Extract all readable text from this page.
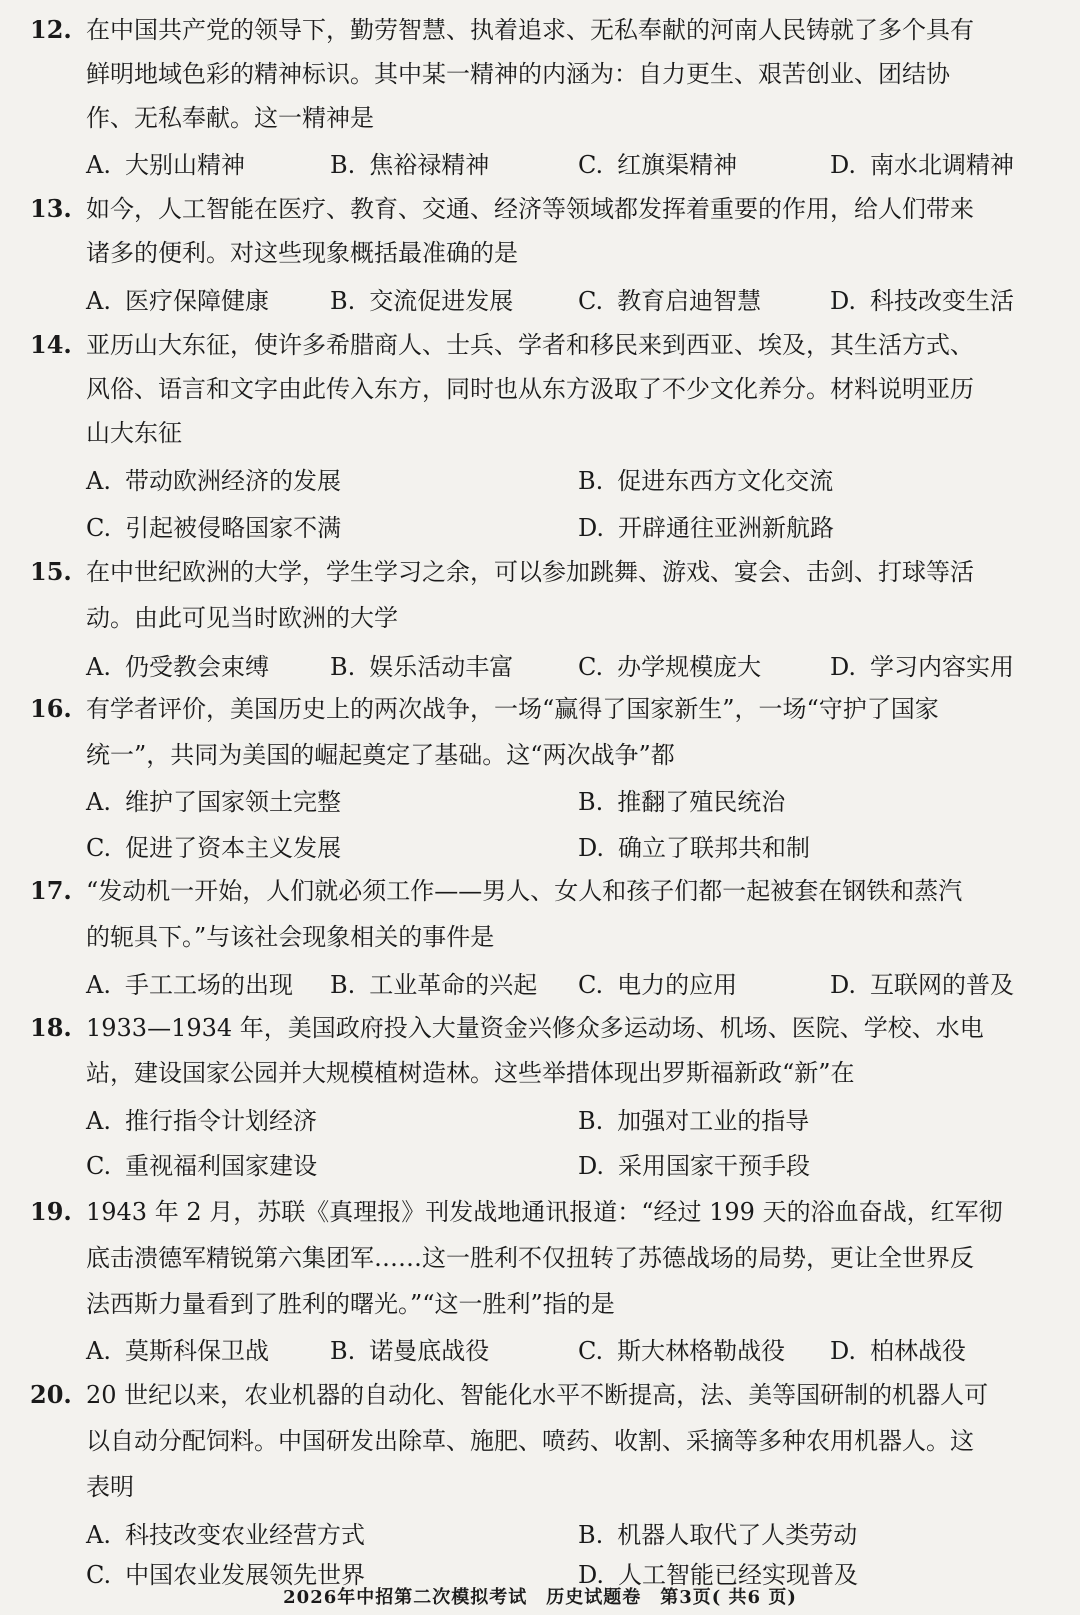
12. 在中国共产党的领导下，勤劳智慧、执着追求、无私奉献的河南人民铸就了多个具有
鲜明地域色彩的精神标识。其中某一精神的内涵为：自力更生、艰苦创业、团结协
作、无私奉献。这一精神是
A. 大别山精神	B. 焦裕禄精神	C. 红旗渠精神	D. 南水北调精神
13. 如今，人工智能在医疗、教育、交通、经济等领域都发挥着重要的作用，给人们带来
诸多的便利。对这些现象概括最准确的是
A. 医疗保障健康	B. 交流促进发展	C. 教育启迪智慧	D. 科技改变生活
14. 亚历山大东征，使许多希腊商人、士兵、学者和移民来到西亚、埃及，其生活方式、
风俗、语言和文字由此传入东方，同时也从东方汲取了不少文化养分。材料说明亚历
山大东征
A. 带动欧洲经济的发展	B. 促进东西方文化交流
C. 引起被侵略国家不满	D. 开辟通往亚洲新航路
15. 在中世纪欧洲的大学，学生学习之余，可以参加跳舞、游戏、宴会、击剑、打球等活
动。由此可见当时欧洲的大学
A. 仍受教会束缚	B. 娱乐活动丰富	C. 办学规模庞大	D. 学习内容实用
16. 有学者评价，美国历史上的两次战争，一场“赢得了国家新生”，一场“守护了国家
统一”，共同为美国的崛起奠定了基础。这“两次战争”都
A. 维护了国家领土完整	B. 推翻了殖民统治
C. 促进了资本主义发展	D. 确立了联邦共和制
17. “发动机一开始，人们就必须工作——男人、女人和孩子们都一起被套在钢铁和蒸汽
的轭具下。”与该社会现象相关的事件是
A. 手工工场的出现 B. 工业革命的兴起 C. 电力的应用	D. 互联网的普及
18. 1933—1934 年，美国政府投入大量资金兴修众多运动场、机场、医院、学校、水电
站，建设国家公园并大规模植树造林。这些举措体现出罗斯福新政“新”在
A. 推行指令计划经济	B. 加强对工业的指导
C. 重视福利国家建设	D. 采用国家干预手段
19. 1943 年 2 月，苏联《真理报》刊发战地通讯报道：“经过 199 天的浴血奋战，红军彻
底击溃德军精锐第六集团军……这一胜利不仅扭转了苏德战场的局势，更让全世界反
法西斯力量看到了胜利的曙光。”“这一胜利”指的是
A. 莫斯科保卫战	B. 诺曼底战役	C. 斯大林格勒战役 D. 柏林战役
20. 20 世纪以来，农业机器的自动化、智能化水平不断提高，法、美等国研制的机器人可
以自动分配饲料。中国研发出除草、施肥、喷药、收割、采摘等多种农用机器人。这
表明
A. 科技改变农业经营方式	B. 机器人取代了人类劳动
C. 中国农业发展领先世界	D. 人工智能已经实现普及
2026年中招第二次模拟考试　历史试题卷　第3页( 共6 页)
